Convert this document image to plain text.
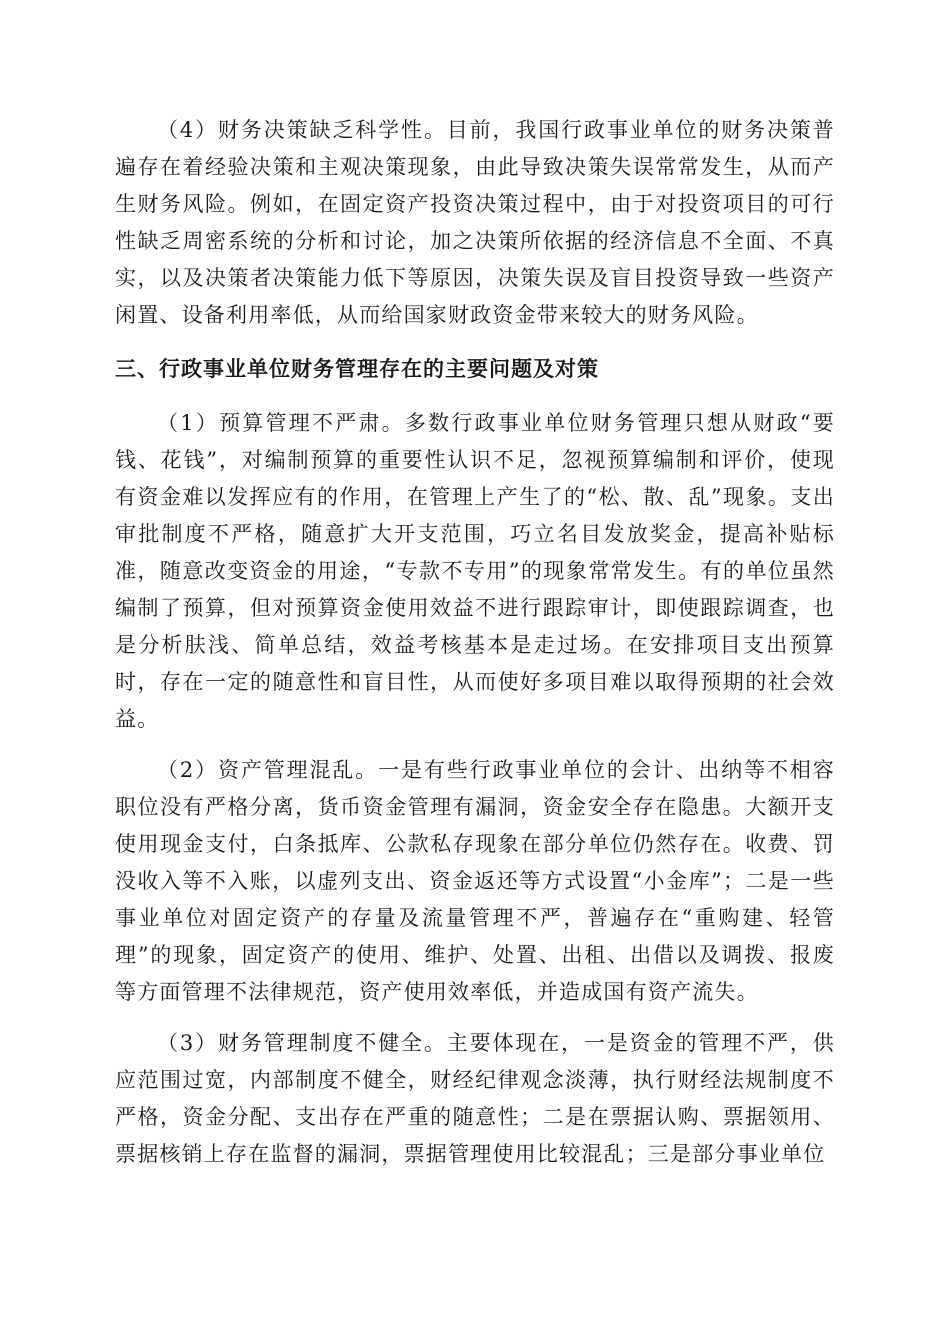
（4）财务决策缺乏科学性。目前，我国行政事业单位的财务决策普遍存在着经验决策和主观决策现象，由此导致决策失误常常发生，从而产生财务风险。例如，在固定资产投资决策过程中，由于对投资项目的可行性缺乏周密系统的分析和讨论，加之决策所依据的经济信息不全面、不真实，以及决策者决策能力低下等原因，决策失误及盲目投资导致一些资产闲置、设备利用率低，从而给国家财政资金带来较大的财务风险。

三、行政事业单位财务管理存在的主要问题及对策

（1）预算管理不严肃。多数行政事业单位财务管理只想从财政“要钱、花钱”，对编制预算的重要性认识不足，忽视预算编制和评价，使现有资金难以发挥应有的作用，在管理上产生了的“松、散、乱”现象。支出审批制度不严格，随意扩大开支范围，巧立名目发放奖金，提高补贴标准，随意改变资金的用途，“专款不专用”的现象常常发生。有的单位虽然编制了预算，但对预算资金使用效益不进行跟踪审计，即使跟踪调查，也是分析肤浅、简单总结，效益考核基本是走过场。在安排项目支出预算时，存在一定的随意性和盲目性，从而使好多项目难以取得预期的社会效益。

（2）资产管理混乱。一是有些行政事业单位的会计、出纳等不相容职位没有严格分离，货币资金管理有漏洞，资金安全存在隐患。大额开支使用现金支付，白条抵库、公款私存现象在部分单位仍然存在。收费、罚没收入等不入账，以虚列支出、资金返还等方式设置“小金库”；二是一些事业单位对固定资产的存量及流量管理不严，普遍存在“重购建、轻管理”的现象，固定资产的使用、维护、处置、出租、出借以及调拨、报废等方面管理不法律规范，资产使用效率低，并造成国有资产流失。

（3）财务管理制度不健全。主要体现在，一是资金的管理不严，供应范围过宽，内部制度不健全，财经纪律观念淡薄，执行财经法规制度不严格，资金分配、支出存在严重的随意性；二是在票据认购、票据领用、票据核销上存在监督的漏洞，票据管理使用比较混乱；三是部分事业单位
